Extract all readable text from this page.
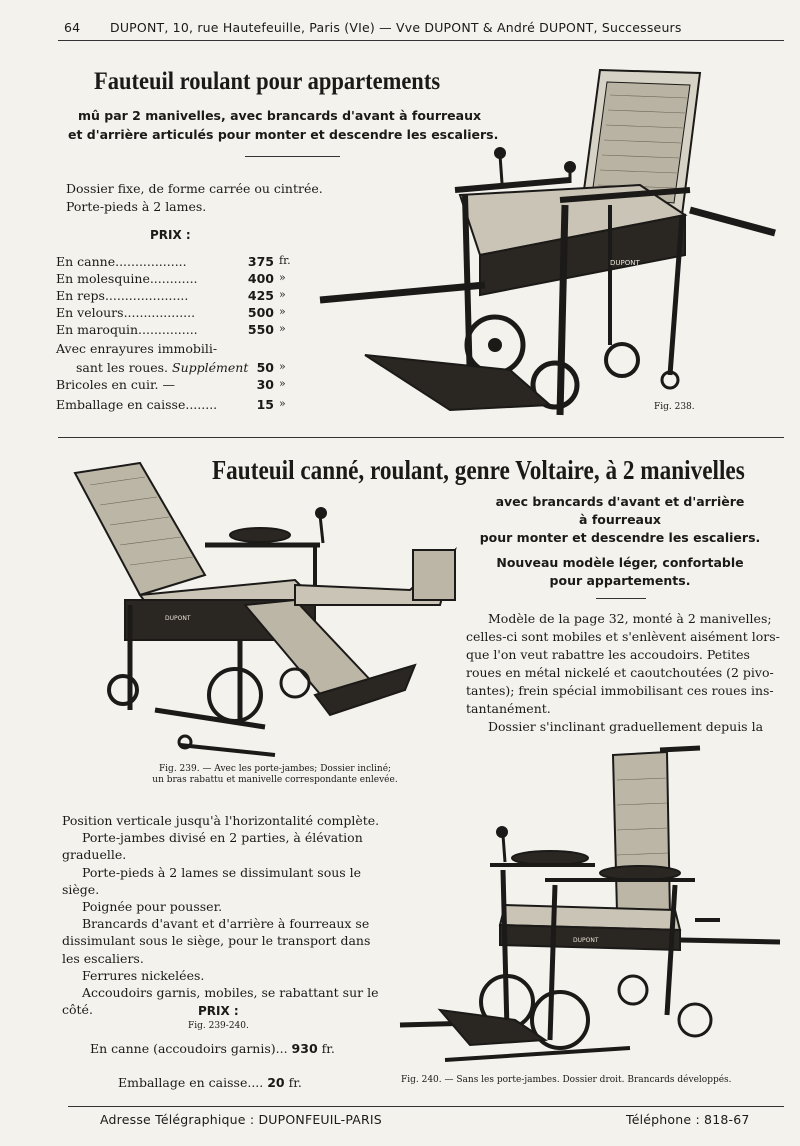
64 DUPONT, 10, rue Hautefeuille, Paris (VIe) — Vve DUPONT & André DUPONT, Successeurs
Fauteuil roulant pour appartements
mû par 2 manivelles, avec brancards d'avant à fourreaux
et d'arrière articulés pour monter et descendre les escaliers.
Dossier fixe, de forme carrée ou cintrée.
Porte-pieds à 2 lames.
PRIX :
En canne..................	375 fr.
En molesquine............	400 »
En reps.....................	425 »
En velours..................	500 »
En maroquin...............	550 »
Avec enrayures immobili-
sant les roues. Supplément 50 »
Bricoles en cuir. —	30 »
Emballage en caisse........	15 »
DUPONT
Fig. 238.
Fauteuil canné, roulant, genre Voltaire, à 2 manivelles
avec brancards d'avant et d'arrière
à fourreaux
pour monter et descendre les escaliers.
Nouveau modèle léger, confortable
pour appartements.
Modèle de la page 32, monté à 2 manivelles;
celles-ci sont mobiles et s'enlèvent aisément lors-
que l'on veut rabattre les accoudoirs. Petites
roues en métal nickelé et caoutchoutées (2 pivo-
tantes); frein spécial immobilisant ces roues ins-
tantanément.
Dossier s'inclinant graduellement depuis la
DUPONT
Fig. 239. — Avec les porte-jambes; Dossier incliné;
un bras rabattu et manivelle correspondante enlevée.
Position verticale jusqu'à l'horizontalité complète.
Porte-jambes divisé en 2 parties, à élévation
graduelle.
Porte-pieds à 2 lames se dissimulant sous le
siège.
Poignée pour pousser.
Brancards d'avant et d'arrière à fourreaux se
dissimulant sous le siège, pour le transport dans
les escaliers.
Ferrures nickelées.
Accoudoirs garnis, mobiles, se rabattant sur le
côté.	PRIX :
Fig. 239-240.
En canne (accoudoirs garnis)... 930 fr.
Emballage en caisse.... 20 fr.
DUPONT
Fig. 240. — Sans les porte-jambes. Dossier droit. Brancards développés.
Adresse Télégraphique : DUPONFEUIL-PARIS	Téléphone : 818-67
